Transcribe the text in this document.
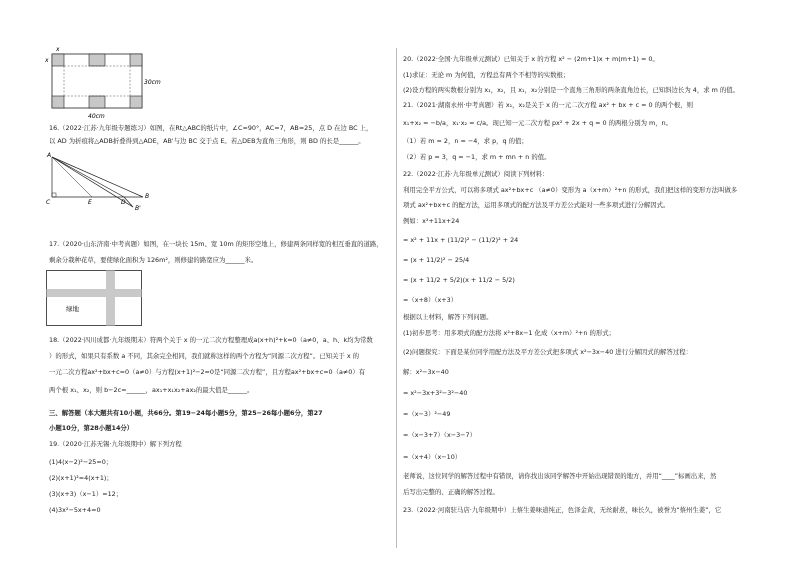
x
x
30cm
40cm
16.（2022·江苏·九年级专题练习）如图，在Rt△ABC的纸片中，∠C=90°，AC=7，AB=25，点 D 在边 BC 上，
以 AD 为折痕将△ADB折叠得到△ADE，AB'与边 BC 交于点 E。若△DEB为直角三角形，则 BD 的长是______。
A
C	E	D
B
B'
17.（2020·山东济南·中考真题）如图，在一块长 15m、宽 10m 的矩形空地上，修建两条同样宽的相互垂直的道路，
剩余分栽种花草，要使绿化面积为 126m²，则修建的路宽应为______米。
绿地
18.（2022·四川成都·九年级期末）符两个关于 x 的一元二次方程整理成a(x+h)²+k=0（a≠0，a、h、k均为常数
）的形式，如果只有系数 a 不同，其余完全相同，我们就称这样的两个方程为“同源二次方程”。已知关于 x 的
一元二次方程ax²+bx+c=0（a≠0）与方程(x+1)²−2=0是“同源二次方程”，且方程ax²+bx+c=0（a≠0）有
两个根 x₁、x₂，则 b−2c=______，ax₁+x₁x₂+ax₂的最大值是______。
三、解答题（本大题共有10小题，共66分。第19−24每小题5分，第25−26每小题6分，第27
小题10分，第28小题14分）
19.（2020·江苏无锡·九年级期中）解下列方程
(1)4(x−2)²−25=0；
(2)(x+1)²=4(x+1)；
(3)(x+3)（x−1）=12；
(4)3x²−5x+4=0
20.（2022·全国·九年级单元测试）已知关于 x 的方程 x² − (2m+1)x + m(m+1) = 0。
(1)求证：无论 m 为何值，方程总有两个不相等的实数根；
(2)设方程的两实数根分别为 x₁，x₂，且 x₁，x₂分别是一个直角三角形的两条直角边长，已知斜边长为 4，求 m 的值。
21.（2021·湖南永州·中考真题）若 x₁，x₂是关于 x 的一元二次方程 ax² + bx + c = 0 的两个根，则
x₁+x₂ = −b/a，x₁·x₂ = c/a。现已知一元二次方程 px² + 2x + q = 0 的两根分别为 m，n。
（1）若 m = 2，n = −4，求 p，q 的值；
（2）若 p = 3，q = −1，求 m + mn + n 的值。
22.（2022·江苏·九年级单元测试）阅读下列材料：
利用完全平方公式，可以将多项式 ax²+bx+c （a≠0）变形为 a（x+m）²+n 的形式，我们把这样的变形方法叫做多
项式 ax²+bx+c 的配方法，运用多项式的配方法及平方差公式能对一些多项式进行分解因式。
例如：x²+11x+24
= x² + 11x + (11/2)² − (11/2)² + 24
= (x + 11/2)² − 25/4
= (x + 11/2 + 5/2)(x + 11/2 − 5/2)
=（x+8）（x+3）
根据以上材料，解答下列问题。
(1)初步思考：用多项式的配方法将 x²+8x−1 化成（x+m）²+n 的形式；
(2)问题探究：下面是某位同学用配方法及平方差公式把多项式 x²−3x−40 进行分解因式的解答过程：
解：x²−3x−40
= x²−3x+3²−3²−40
=（x−3）²−49
=（x−3+7）（x−3−7）
=（x+4）（x−10）
老师说，这位同学的解答过程中有错误，请你找出该同学解答中开始出现错误的地方，并用“____”标画出来，然
后写出完整的、正确的解答过程。
23.（2022·河南驻马店·九年级期中）上蔡生姜味道纯正，色泽金黄，无丝耐煮，味长久，被誉为“蔡州生姜”，它
